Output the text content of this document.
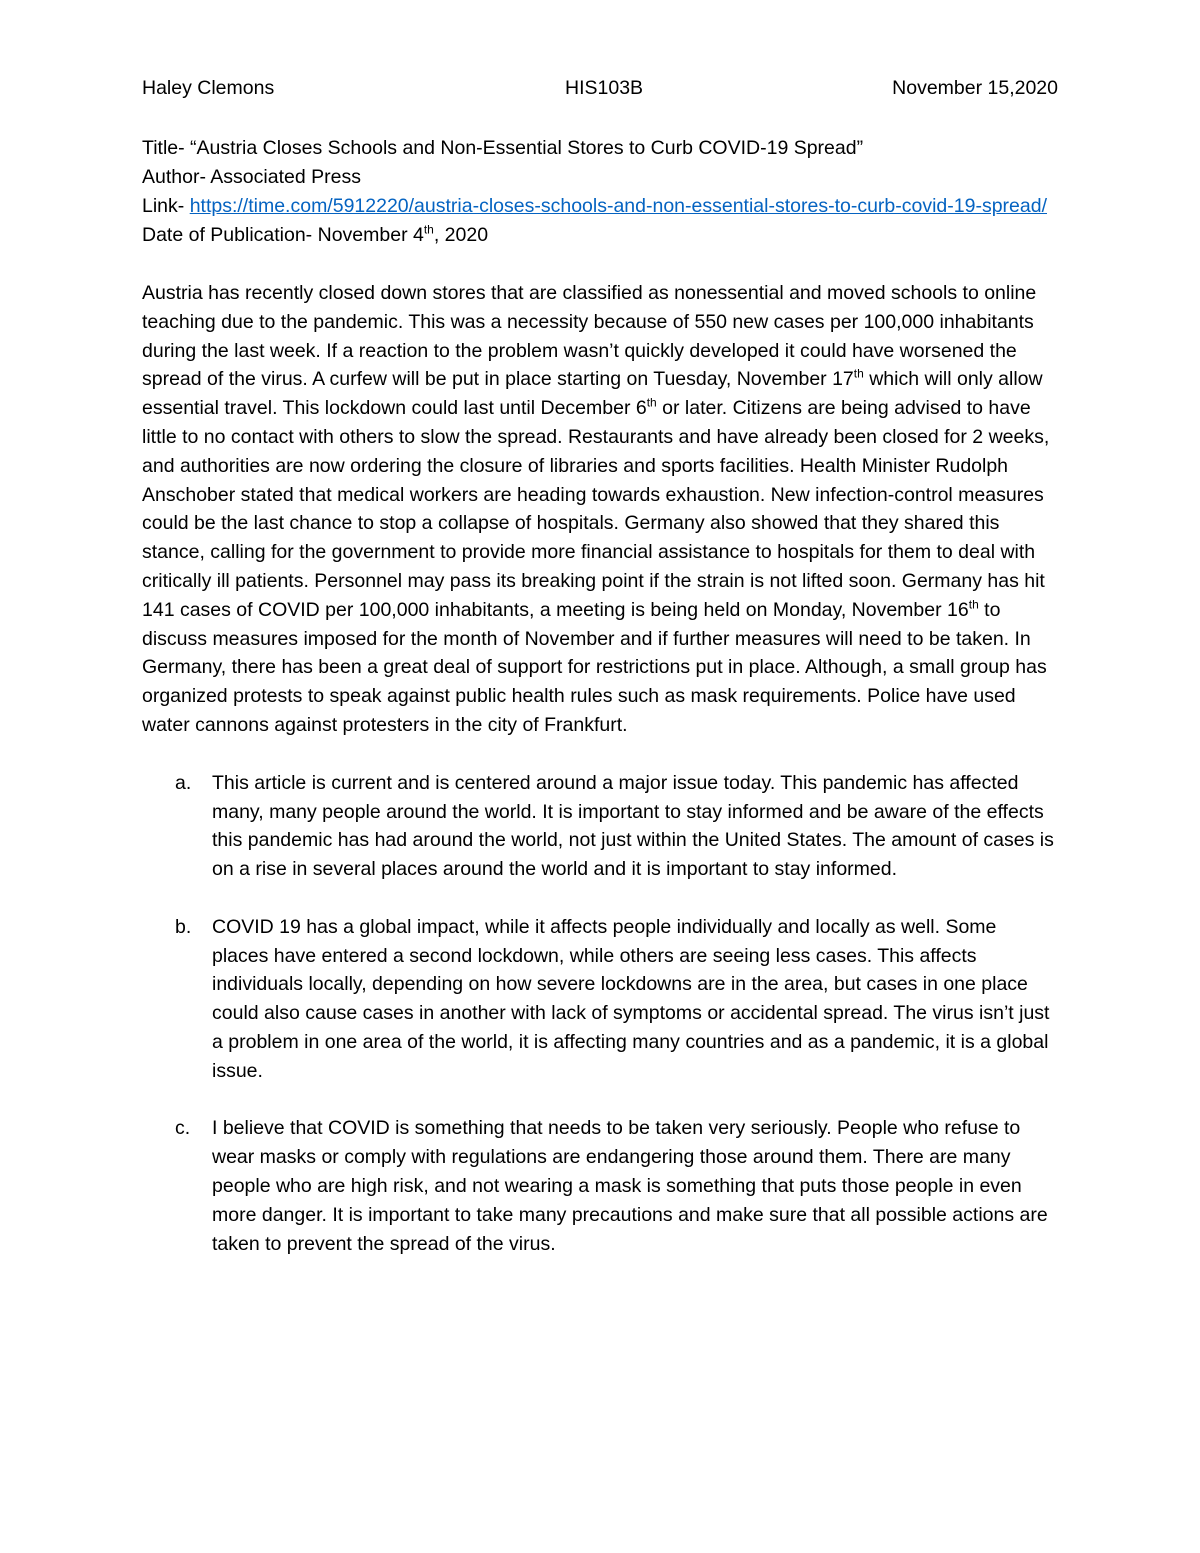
Haley Clemons	HIS103B	November 15,2020
Title- “Austria Closes Schools and Non-Essential Stores to Curb COVID-19 Spread”
Author- Associated Press
Link- https://time.com/5912220/austria-closes-schools-and-non-essential-stores-to-curb-covid-19-spread/
Date of Publication- November 4th, 2020

Austria has recently closed down stores that are classified as nonessential and moved schools to online teaching due to the pandemic. This was a necessity because of 550 new cases per 100,000 inhabitants during the last week. If a reaction to the problem wasn’t quickly developed it could have worsened the spread of the virus. A curfew will be put in place starting on Tuesday, November 17th which will only allow essential travel. This lockdown could last until December 6th or later. Citizens are being advised to have little to no contact with others to slow the spread. Restaurants and have already been closed for 2 weeks, and authorities are now ordering the closure of libraries and sports facilities. Health Minister Rudolph Anschober stated that medical workers are heading towards exhaustion. New infection-control measures could be the last chance to stop a collapse of hospitals. Germany also showed that they shared this stance, calling for the government to provide more financial assistance to hospitals for them to deal with critically ill patients. Personnel may pass its breaking point if the strain is not lifted soon. Germany has hit 141 cases of COVID per 100,000 inhabitants, a meeting is being held on Monday, November 16th to discuss measures imposed for the month of November and if further measures will need to be taken. In Germany, there has been a great deal of support for restrictions put in place. Although, a small group has organized protests to speak against public health rules such as mask requirements. Police have used water cannons against protesters in the city of Frankfurt.

a. This article is current and is centered around a major issue today. This pandemic has affected many, many people around the world. It is important to stay informed and be aware of the effects this pandemic has had around the world, not just within the United States. The amount of cases is on a rise in several places around the world and it is important to stay informed.
b. COVID 19 has a global impact, while it affects people individually and locally as well. Some places have entered a second lockdown, while others are seeing less cases. This affects individuals locally, depending on how severe lockdowns are in the area, but cases in one place could also cause cases in another with lack of symptoms or accidental spread. The virus isn’t just a problem in one area of the world, it is affecting many countries and as a pandemic, it is a global issue.
c. I believe that COVID is something that needs to be taken very seriously. People who refuse to wear masks or comply with regulations are endangering those around them. There are many people who are high risk, and not wearing a mask is something that puts those people in even more danger. It is important to take many precautions and make sure that all possible actions are taken to prevent the spread of the virus.
